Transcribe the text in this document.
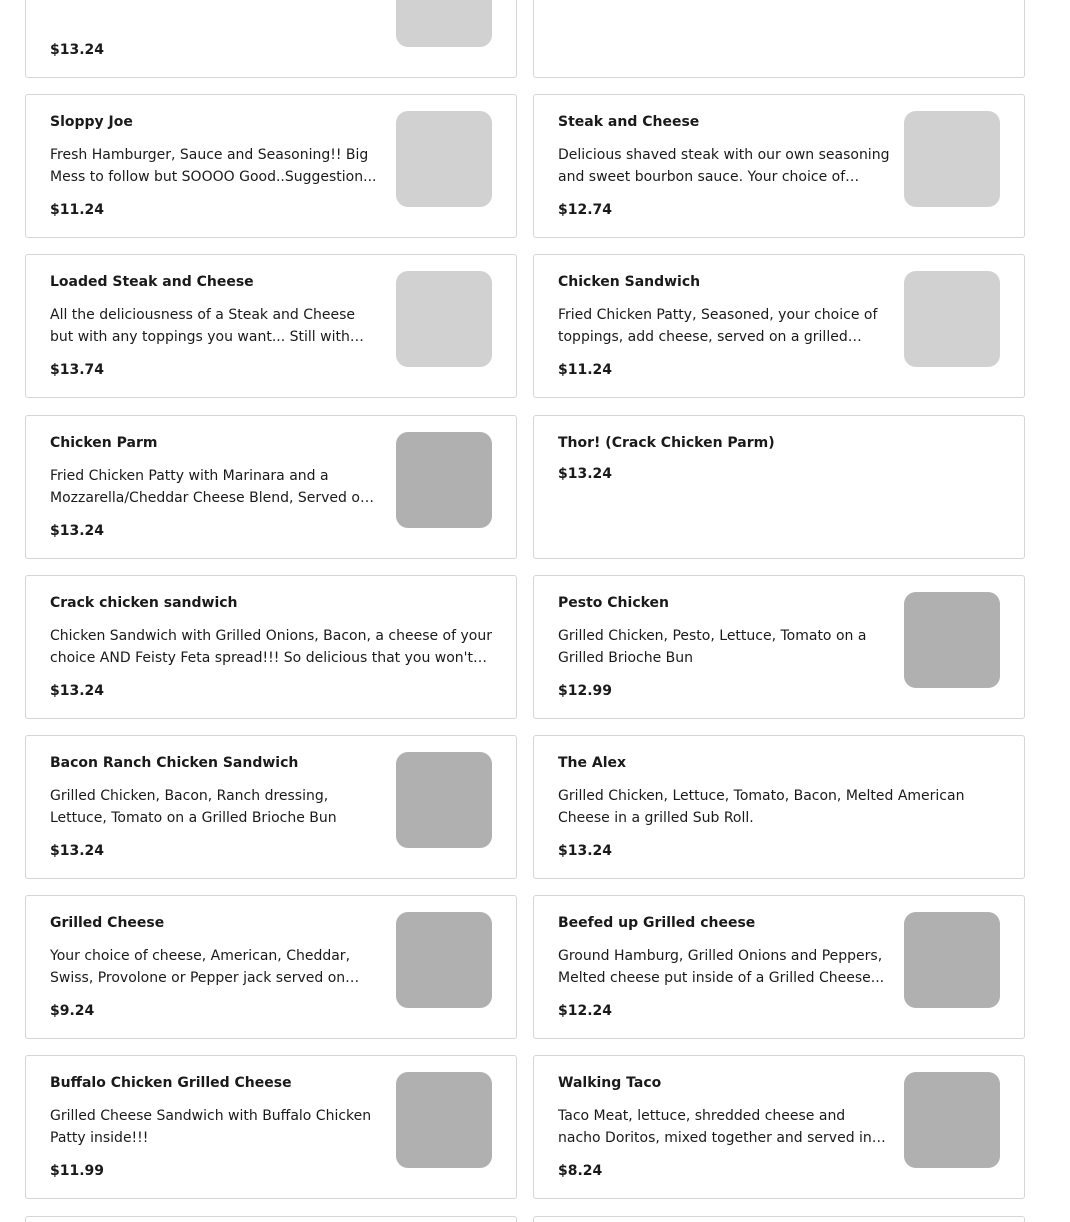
$13.24
Sloppy Joe

Fresh Hamburger, Sauce and Seasoning!! Big Mess to follow but SOOOO Good..Suggestion...

$11.24
Steak and Cheese

Delicious shaved steak with our own seasoning and sweet bourbon sauce. Your choice of

$12.74
Loaded Steak and Cheese

All the deliciousness of a Steak and Cheese but with any toppings you want... Still with

$13.74
Chicken Sandwich

Fried Chicken Patty, Seasoned, your choice of toppings, add cheese, served on a grilled

$11.24
Chicken Parm

Fried Chicken Patty with Marinara and a Mozzarella/Cheddar Cheese Blend, Served on

$13.24
Thor! (Crack Chicken Parm)
$13.24
Crack chicken sandwich

Chicken Sandwich with Grilled Onions, Bacon, a cheese of your choice AND Feisty Feta spread!!! So delicious that you won't

$13.24
Pesto Chicken

Grilled Chicken, Pesto, Lettuce, Tomato on a Grilled Brioche Bun

$12.99
Bacon Ranch Chicken Sandwich

Grilled Chicken, Bacon, Ranch dressing, Lettuce, Tomato on a Grilled Brioche Bun

$13.24
The Alex

Grilled Chicken, Lettuce, Tomato, Bacon, Melted American Cheese in a grilled Sub Roll.

$13.24
Grilled Cheese

Your choice of cheese, American, Cheddar, Swiss, Provolone or Pepper jack served on

$9.24
Beefed up Grilled cheese

Ground Hamburg, Grilled Onions and Peppers, Melted cheese put inside of a Grilled Cheese...

$12.24
Buffalo Chicken Grilled Cheese

Grilled Cheese Sandwich with Buffalo Chicken Patty inside!!!

$11.99
Walking Taco

Taco Meat, lettuce, shredded cheese and nacho Doritos, mixed together and served in

$8.24
